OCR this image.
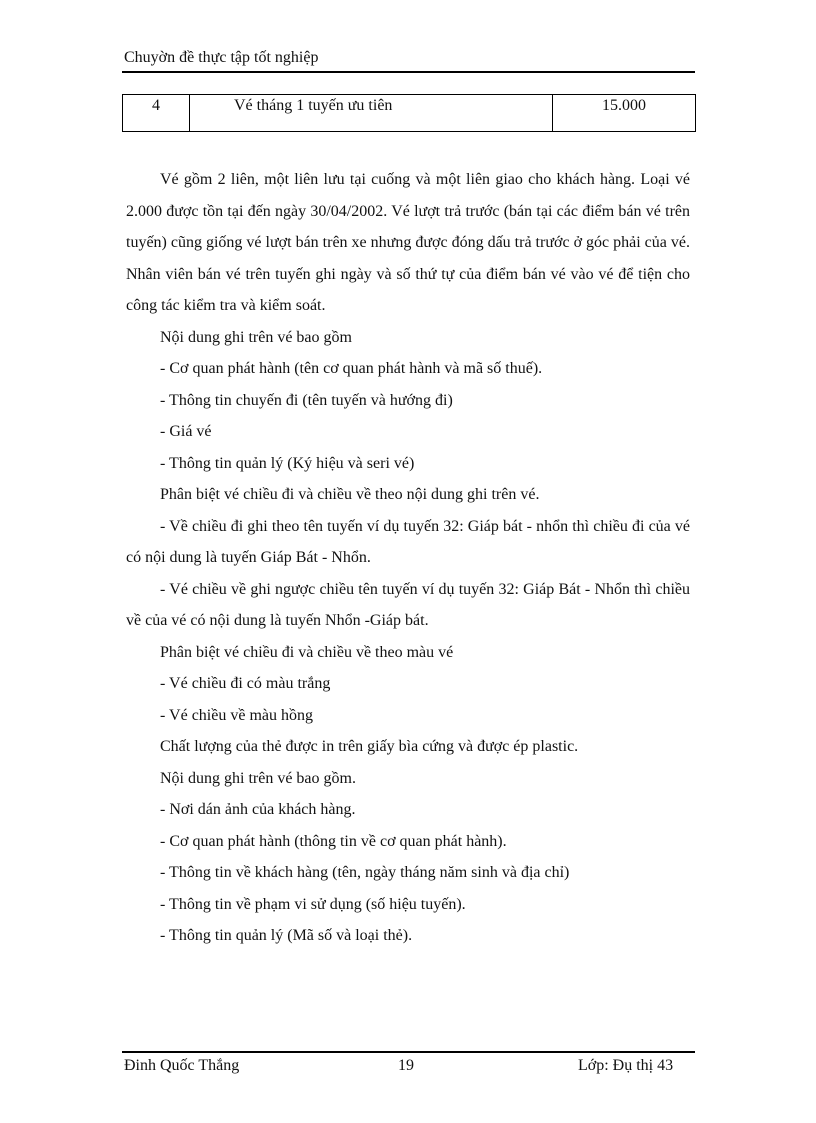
Chuyờn đề thực tập tốt nghiệp
4	Vé tháng 1 tuyến ưu tiên	15.000

Vé gồm 2 liên, một liên lưu tại cuống và một liên giao cho khách hàng. Loại vé 2.000 được tồn tại đến ngày 30/04/2002. Vé lượt trả trước (bán tại các điểm bán vé trên tuyến) cũng giống vé lượt bán trên xe nhưng được đóng dấu trả trước ở góc phải của vé. Nhân viên bán vé trên tuyến ghi ngày và số thứ tự của điểm bán vé vào vé để tiện cho công tác kiểm tra và kiểm soát.

Nội dung ghi trên vé bao gồm

- Cơ quan phát hành (tên cơ quan phát hành và mã số thuế).

- Thông tin chuyến đi (tên tuyến và hướng đi)

- Giá vé

- Thông tin quản lý (Ký hiệu và seri vé)

Phân biệt vé chiều đi và chiều về theo nội dung ghi trên vé.

- Về chiều đi ghi theo tên tuyến ví dụ tuyến 32: Giáp bát - nhổn thì chiều đi của vé có nội dung là tuyến Giáp Bát - Nhổn.

- Vé chiều về ghi ngược chiều tên tuyến ví dụ tuyến 32: Giáp Bát - Nhổn thì chiều về của vé có nội dung là tuyến Nhổn -Giáp bát.

Phân biệt vé chiều đi và chiều về theo màu vé

- Vé chiều đi có màu trắng

- Vé chiều về màu hồng

Chất lượng của thẻ được in trên giấy bìa cứng và được ép plastic.

Nội dung ghi trên vé bao gồm.

- Nơi dán ảnh của khách hàng.

- Cơ quan phát hành (thông tin về cơ quan phát hành).

- Thông tin về khách hàng (tên, ngày tháng năm sinh và địa chỉ)

- Thông tin về phạm vi sử dụng (số hiệu tuyến).

- Thông tin quản lý (Mã số và loại thẻ).

Đinh Quốc Thắng	19	Lớp: Đụ thị 43
